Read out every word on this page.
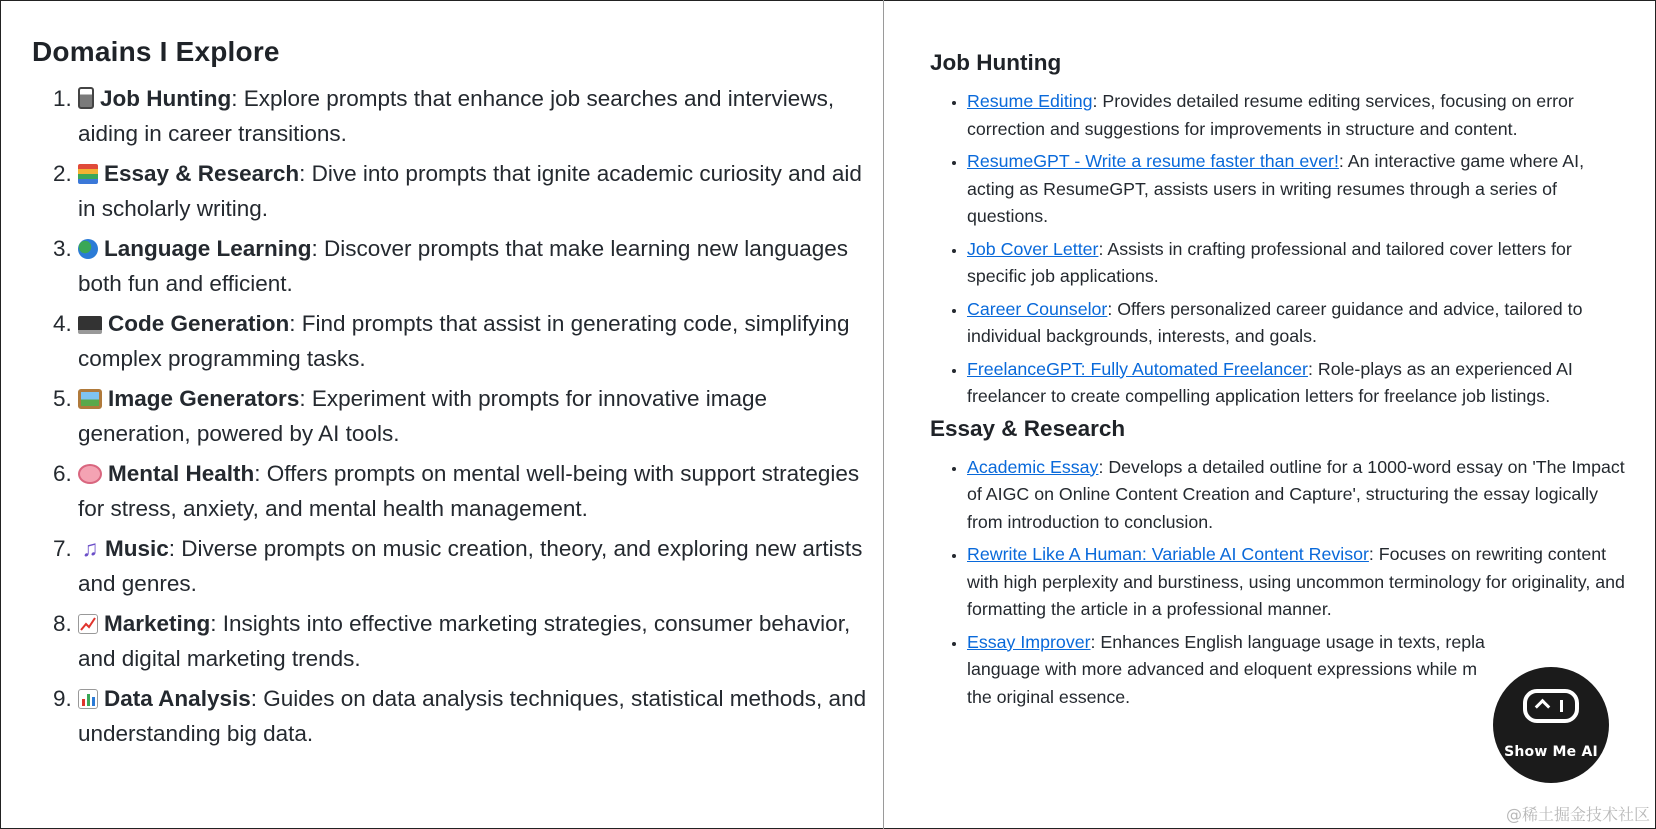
Domains I Explore
1. Job Hunting: Explore prompts that enhance job searches and interviews, aiding in career transitions.
2. Essay & Research: Dive into prompts that ignite academic curiosity and aid in scholarly writing.
3. Language Learning: Discover prompts that make learning new languages both fun and efficient.
4. Code Generation: Find prompts that assist in generating code, simplifying complex programming tasks.
5. Image Generators: Experiment with prompts for innovative image generation, powered by AI tools.
6. Mental Health: Offers prompts on mental well-being with support strategies for stress, anxiety, and mental health management.
7. ♫ Music: Diverse prompts on music creation, theory, and exploring new artists and genres.
8. Marketing: Insights into effective marketing strategies, consumer behavior, and digital marketing trends.
9. Data Analysis: Guides on data analysis techniques, statistical methods, and understanding big data.
Job Hunting
• Resume Editing: Provides detailed resume editing services, focusing on error correction and suggestions for improvements in structure and content.
• ResumeGPT - Write a resume faster than ever!: An interactive game where AI, acting as ResumeGPT, assists users in writing resumes through a series of questions.
• Job Cover Letter: Assists in crafting professional and tailored cover letters for specific job applications.
• Career Counselor: Offers personalized career guidance and advice, tailored to individual backgrounds, interests, and goals.
• FreelanceGPT: Fully Automated Freelancer: Role-plays as an experienced AI freelancer to create compelling application letters for freelance job listings.
Essay & Research
• Academic Essay: Develops a detailed outline for a 1000-word essay on 'The Impact of AIGC on Online Content Creation and Capture', structuring the essay logically from introduction to conclusion.
• Rewrite Like A Human: Variable AI Content Revisor: Focuses on rewriting content with high perplexity and burstiness, using uncommon terminology for originality, and formatting the article in a professional manner.
• Essay Improver: Enhances English language usage in texts, repla
language with more advanced and eloquent expressions while m
the original essence.
Show Me AI
@稀土掘金技术社区
